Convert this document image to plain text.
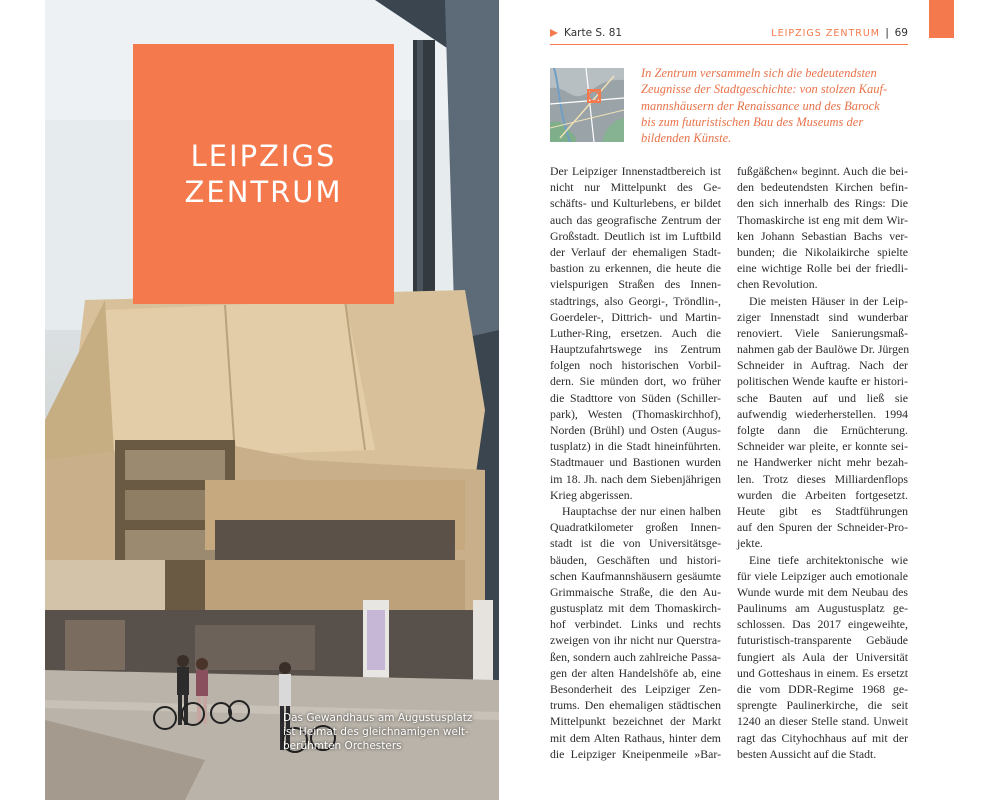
LEIPZIGS
ZENTRUM
Das Gewandhaus am Augustusplatz
ist Heimat des gleichnamigen welt-
berühmten Orchesters
Karte S. 81	LEIPZIGS ZENTRUM | 69
In Zentrum versammeln sich die bedeutendsten
Zeugnisse der Stadtgeschichte: von stolzen Kauf-
mannshäusern der Renaissance und des Barock
bis zum futuristischen Bau des Museums der
bildenden Künste.
Der Leipziger Innenstadtbereich ist
nicht nur Mittelpunkt des Ge-
schäfts- und Kulturlebens, er bildet
auch das geografische Zentrum der
Großstadt. Deutlich ist im Luftbild
der Verlauf der ehemaligen Stadt-
bastion zu erkennen, die heute die
vielspurigen Straßen des Innen-
stadtrings, also Georgi-, Tröndlin-,
Goerdeler-, Dittrich- und Martin-
Luther-Ring, ersetzen. Auch die
Hauptzufahrtswege ins Zentrum
folgen noch historischen Vorbil-
dern. Sie münden dort, wo früher
die Stadttore von Süden (Schiller-
park), Westen (Thomaskirchhof),
Norden (Brühl) und Osten (Augus-
tusplatz) in die Stadt hineinführten.
Stadtmauer und Bastionen wurden
im 18. Jh. nach dem Siebenjährigen
Krieg abgerissen.
Hauptachse der nur einen halben
Quadratkilometer großen Innen-
stadt ist die von Universitätsge-
bäuden, Geschäften und histori-
schen Kaufmannshäusern gesäumte
Grimmaische Straße, die den Au-
gustusplatz mit dem Thomaskirch-
hof verbindet. Links und rechts
zweigen von ihr nicht nur Querstra-
ßen, sondern auch zahlreiche Passa-
gen der alten Handelshöfe ab, eine
Besonderheit des Leipziger Zen-
trums. Den ehemaligen städtischen
Mittelpunkt bezeichnet der Markt
mit dem Alten Rathaus, hinter dem
die Leipziger Kneipenmeile »Bar-
fußgäßchen« beginnt. Auch die bei-
den bedeutendsten Kirchen befin-
den sich innerhalb des Rings: Die
Thomaskirche ist eng mit dem Wir-
ken Johann Sebastian Bachs ver-
bunden; die Nikolaikirche spielte
eine wichtige Rolle bei der friedli-
chen Revolution.
Die meisten Häuser in der Leip-
ziger Innenstadt sind wunderbar
renoviert. Viele Sanierungsmaß-
nahmen gab der Baulöwe Dr. Jürgen
Schneider in Auftrag. Nach der
politischen Wende kaufte er histori-
sche Bauten auf und ließ sie
aufwendig wiederherstellen. 1994
folgte dann die Ernüchterung.
Schneider war pleite, er konnte sei-
ne Handwerker nicht mehr bezah-
len. Trotz dieses Milliardenflops
wurden die Arbeiten fortgesetzt.
Heute gibt es Stadtführungen
auf den Spuren der Schneider-Pro-
jekte.
Eine tiefe architektonische wie
für viele Leipziger auch emotionale
Wunde wurde mit dem Neubau des
Paulinums am Augustusplatz ge-
schlossen. Das 2017 eingeweihte,
futuristisch-transparente Gebäude
fungiert als Aula der Universität
und Gotteshaus in einem. Es ersetzt
die vom DDR-Regime 1968 ge-
sprengte Paulinerkirche, die seit
1240 an dieser Stelle stand. Unweit
ragt das Cityhochhaus auf mit der
besten Aussicht auf die Stadt.
